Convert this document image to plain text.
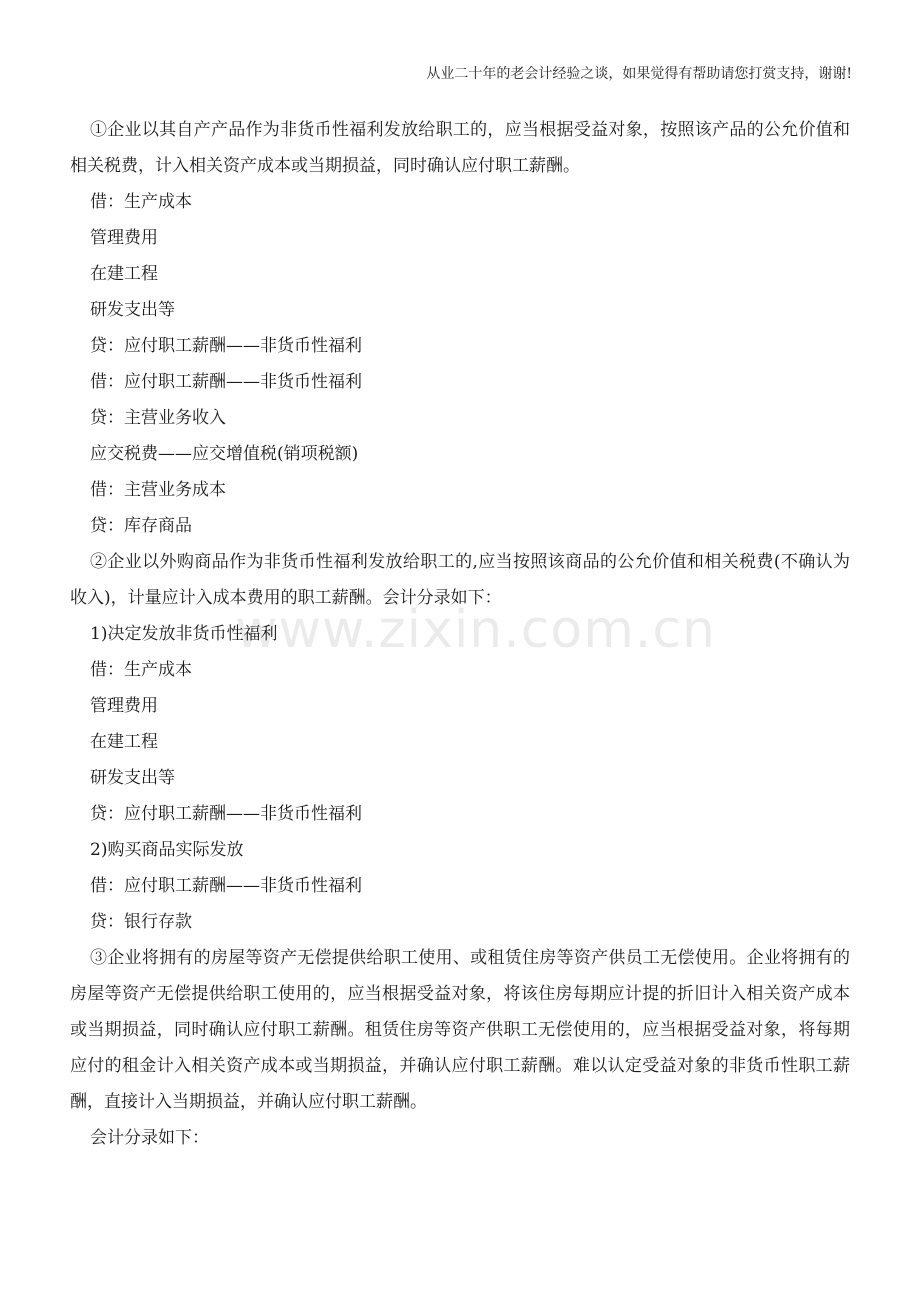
从业二十年的老会计经验之谈，如果觉得有帮助请您打赏支持，谢谢!
www.zixin.com.cn

①企业以其自产产品作为非货币性福利发放给职工的，应当根据受益对象，按照该产品的公允价值和相关税费，计入相关资产成本或当期损益，同时确认应付职工薪酬。

借：生产成本

管理费用

在建工程

研发支出等

贷：应付职工薪酬——非货币性福利

借：应付职工薪酬——非货币性福利

贷：主营业务收入

应交税费——应交增值税(销项税额)

借：主营业务成本

贷：库存商品

②企业以外购商品作为非货币性福利发放给职工的,应当按照该商品的公允价值和相关税费(不确认为收入)，计量应计入成本费用的职工薪酬。会计分录如下：

1)决定发放非货币性福利

借：生产成本

管理费用

在建工程

研发支出等

贷：应付职工薪酬——非货币性福利

2)购买商品实际发放

借：应付职工薪酬——非货币性福利

贷：银行存款

③企业将拥有的房屋等资产无偿提供给职工使用、或租赁住房等资产供员工无偿使用。企业将拥有的房屋等资产无偿提供给职工使用的，应当根据受益对象，将该住房每期应计提的折旧计入相关资产成本或当期损益，同时确认应付职工薪酬。租赁住房等资产供职工无偿使用的，应当根据受益对象，将每期应付的租金计入相关资产成本或当期损益，并确认应付职工薪酬。难以认定受益对象的非货币性职工薪酬，直接计入当期损益，并确认应付职工薪酬。

会计分录如下：
